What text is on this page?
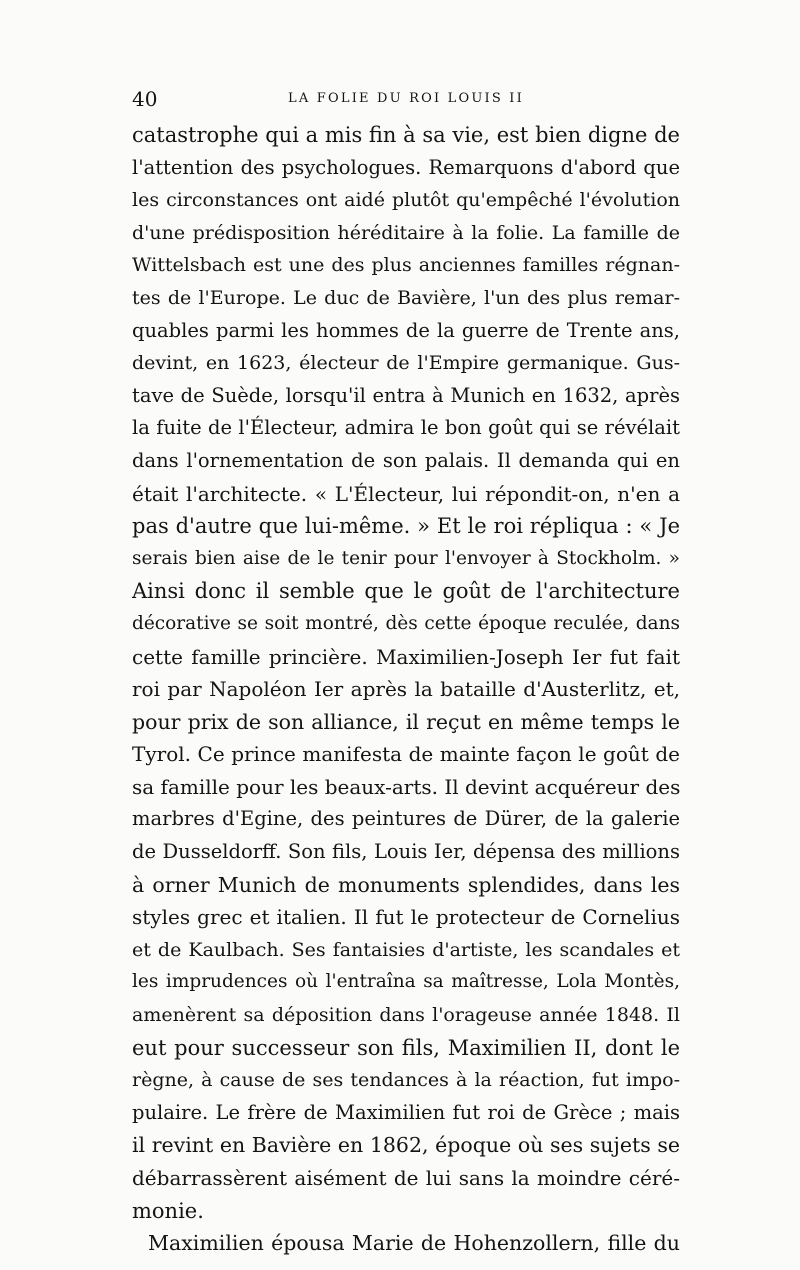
40	LA FOLIE DU ROI LOUIS II
catastrophe qui a mis fin à sa vie, est bien digne de
l'attention des psychologues. Remarquons d'abord que
les circonstances ont aidé plutôt qu'empêché l'évolution
d'une prédisposition héréditaire à la folie. La famille de
Wittelsbach est une des plus anciennes familles régnan-
tes de l'Europe. Le duc de Bavière, l'un des plus remar-
quables parmi les hommes de la guerre de Trente ans,
devint, en 1623, électeur de l'Empire germanique. Gus-
tave de Suède, lorsqu'il entra à Munich en 1632, après
la fuite de l'Électeur, admira le bon goût qui se révélait
dans l'ornementation de son palais. Il demanda qui en
était l'architecte. « L'Électeur, lui répondit-on, n'en a
pas d'autre que lui-même. » Et le roi répliqua : « Je
serais bien aise de le tenir pour l'envoyer à Stockholm. »
Ainsi donc il semble que le goût de l'architecture
décorative se soit montré, dès cette époque reculée, dans
cette famille princière. Maximilien-Joseph Ier fut fait
roi par Napoléon Ier après la bataille d'Austerlitz, et,
pour prix de son alliance, il reçut en même temps le
Tyrol. Ce prince manifesta de mainte façon le goût de
sa famille pour les beaux-arts. Il devint acquéreur des
marbres d'Egine, des peintures de Dürer, de la galerie
de Dusseldorff. Son fils, Louis Ier, dépensa des millions
à orner Munich de monuments splendides, dans les
styles grec et italien. Il fut le protecteur de Cornelius
et de Kaulbach. Ses fantaisies d'artiste, les scandales et
les imprudences où l'entraîna sa maîtresse, Lola Montès,
amenèrent sa déposition dans l'orageuse année 1848. Il
eut pour successeur son fils, Maximilien II, dont le
règne, à cause de ses tendances à la réaction, fut impo-
pulaire. Le frère de Maximilien fut roi de Grèce ; mais
il revint en Bavière en 1862, époque où ses sujets se
débarrassèrent aisément de lui sans la moindre céré-
monie.
Maximilien épousa Marie de Hohenzollern, fille du
